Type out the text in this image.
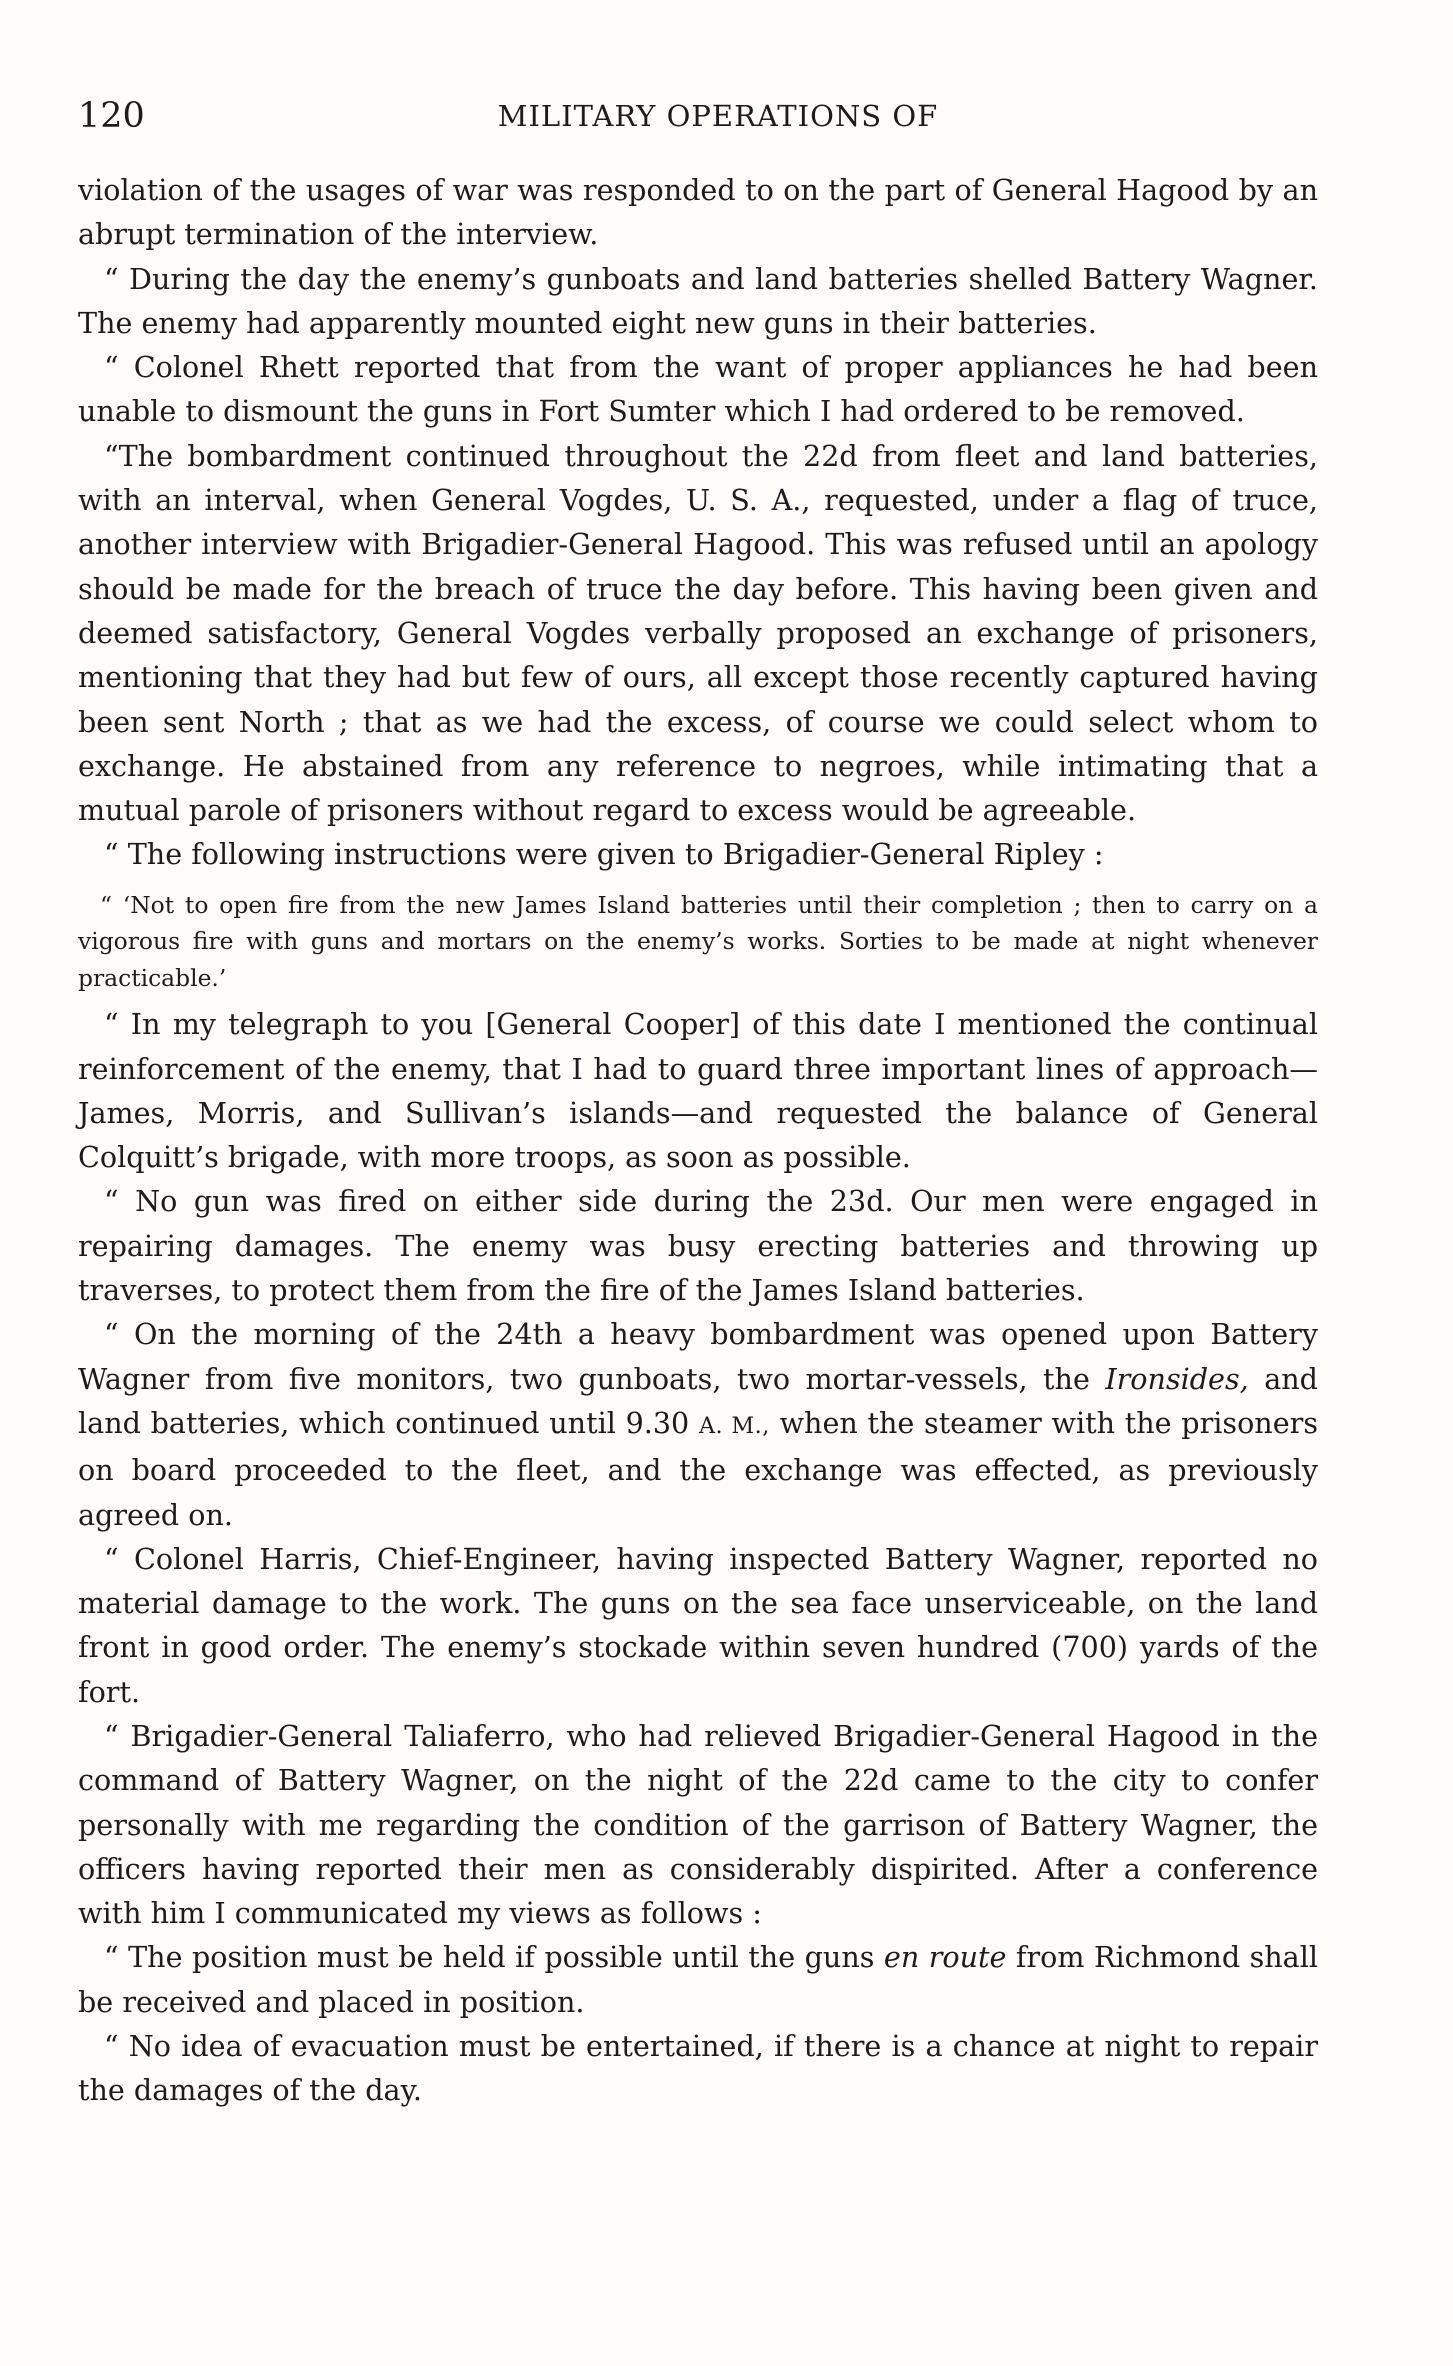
120	MILITARY OPERATIONS OF

violation of the usages of war was responded to on the part of General Hagood by an abrupt termination of the interview.

“ During the day the enemy’s gunboats and land batteries shelled Battery Wagner. The enemy had apparently mounted eight new guns in their batteries.

“ Colonel Rhett reported that from the want of proper appliances he had been unable to dismount the guns in Fort Sumter which I had ordered to be removed.

“The bombardment continued throughout the 22d from fleet and land batteries, with an interval, when General Vogdes, U. S. A., requested, under a flag of truce, another interview with Brigadier-General Hagood. This was refused until an apology should be made for the breach of truce the day before. This having been given and deemed satisfactory, General Vogdes verbally proposed an exchange of prisoners, mentioning that they had but few of ours, all except those recently captured having been sent North ; that as we had the excess, of course we could select whom to exchange. He abstained from any reference to negroes, while intimating that a mutual parole of prisoners without regard to excess would be agreeable.

“ The following instructions were given to Brigadier-General Ripley :

“ ‘Not to open fire from the new James Island batteries until their completion ; then to carry on a vigorous fire with guns and mortars on the enemy’s works. Sorties to be made at night whenever practicable.’

“ In my telegraph to you [General Cooper] of this date I mentioned the continual reinforcement of the enemy, that I had to guard three important lines of approach—James, Morris, and Sullivan’s islands—and requested the balance of General Colquitt’s brigade, with more troops, as soon as possible.

“ No gun was fired on either side during the 23d. Our men were engaged in repairing damages. The enemy was busy erecting batteries and throwing up traverses, to protect them from the fire of the James Island batteries.

“ On the morning of the 24th a heavy bombardment was opened upon Battery Wagner from five monitors, two gunboats, two mortar-vessels, the Ironsides, and land batteries, which continued until 9.30 A. M., when the steamer with the prisoners on board proceeded to the fleet, and the exchange was effected, as previously agreed on.

“ Colonel Harris, Chief-Engineer, having inspected Battery Wagner, reported no material damage to the work. The guns on the sea face unserviceable, on the land front in good order. The enemy’s stockade within seven hundred (700) yards of the fort.

“ Brigadier-General Taliaferro, who had relieved Brigadier-General Hagood in the command of Battery Wagner, on the night of the 22d came to the city to confer personally with me regarding the condition of the garrison of Battery Wagner, the officers having reported their men as considerably dispirited. After a conference with him I communicated my views as follows :

“ The position must be held if possible until the guns en route from Richmond shall be received and placed in position.

“ No idea of evacuation must be entertained, if there is a chance at night to repair the damages of the day.
